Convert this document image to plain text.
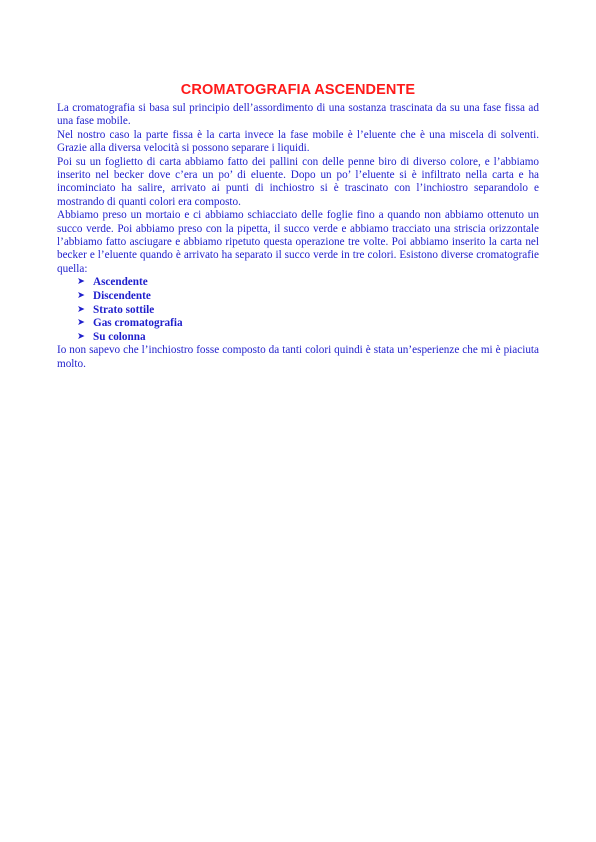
CROMATOGRAFIA ASCENDENTE

La cromatografia si basa sul principio dell’assordimento di una sostanza trascinata da su una fase fissa ad una fase mobile.

Nel nostro caso la parte fissa è la carta invece la fase mobile è l’eluente che è una miscela di solventi. Grazie alla diversa velocità si possono separare i liquidi.

Poi su un foglietto di carta abbiamo fatto dei pallini con delle penne biro di diverso colore, e l’abbiamo inserito nel becker dove c’era un po’ di eluente. Dopo un po’ l’eluente si è infiltrato nella carta e ha incominciato ha salire, arrivato ai punti di inchiostro si è trascinato con l’inchiostro separandolo e mostrando di quanti colori era composto.

Abbiamo preso un mortaio e ci abbiamo schiacciato delle foglie fino a quando non abbiamo ottenuto un succo verde. Poi abbiamo preso con la pipetta, il succo verde e abbiamo tracciato una striscia orizzontale l’abbiamo fatto asciugare e abbiamo ripetuto questa operazione tre volte. Poi abbiamo inserito la carta nel becker e l’eluente quando è arrivato ha separato il succo verde in tre colori. Esistono diverse cromatografie quella:

➤ Ascendente
➤ Discendente
➤ Strato sottile
➤ Gas cromatografia
➤ Su colonna

Io non sapevo che l’inchiostro fosse composto da tanti colori quindi è stata un’esperienze che mi è piaciuta molto.
